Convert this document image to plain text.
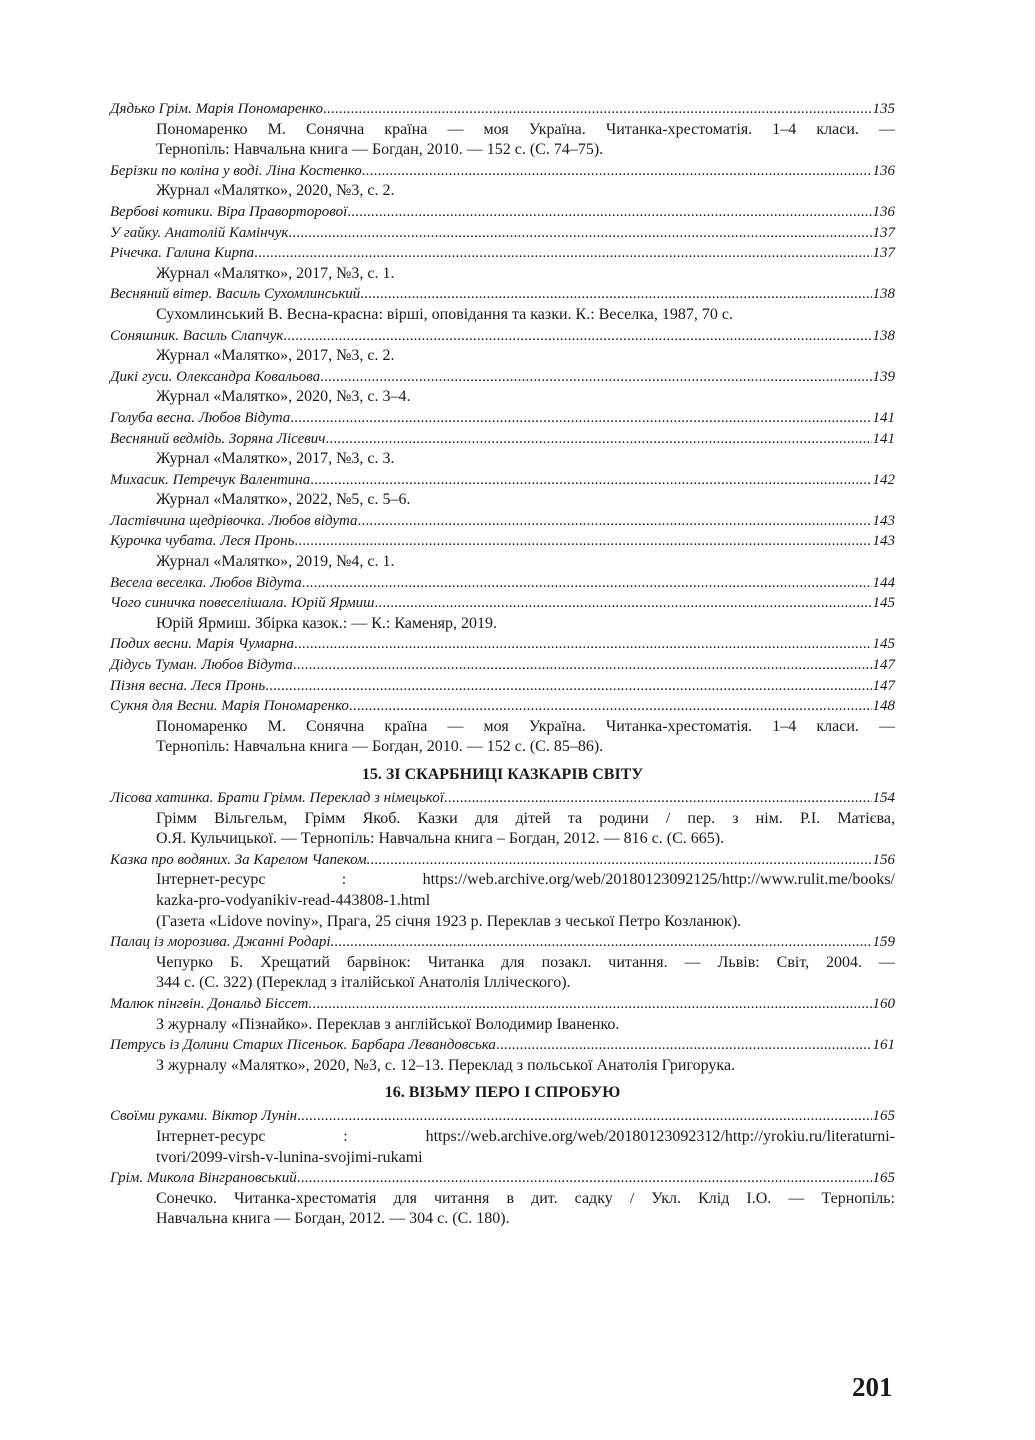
Дядько Грім. Марія Пономаренко .....	135
Пономаренко М. Сонячна країна — моя Україна. Читанка-хрестоматія. 1–4 класи. —
Тернопіль: Навчальна книга — Богдан, 2010. — 152 с. (С. 74–75).
Берізки по коліна у воді. Ліна Костенко .....	136
Журнал «Малятко», 2020, №3, с. 2.
Вербові котики. Віра Праворторової .....	136
У гайку. Анатолій Камінчук .....	137
Річечка. Галина Кирпа .....	137
Журнал «Малятко», 2017, №3, с. 1.
Весняний вітер. Василь Сухомлинський .....	138
Сухомлинський В. Весна-красна: вірші, оповідання та казки. К.: Веселка, 1987, 70 с.
Соняшник. Василь Слапчук .....	138
Журнал «Малятко», 2017, №3, с. 2.
Дикі гуси. Олександра Ковальова .....	139
Журнал «Малятко», 2020, №3, с. 3–4.
Голуба весна. Любов Відута .....	141
Весняний ведмідь. Зоряна Лісевич .....	141
Журнал «Малятко», 2017, №3, с. 3.
Михасик. Петречук Валентина .....	142
Журнал «Малятко», 2022, №5, с. 5–6.
Ластівчина щедрівочка. Любов відута .....	143
Курочка чубата. Леся Пронь .....	143
Журнал «Малятко», 2019, №4, с. 1.
Весела веселка. Любов Відута .....	144
Чого синичка повеселішала. Юрій Ярмиш .....	145
Юрій Ярмиш. Збірка казок.: — К.: Каменяр, 2019.
Подих весни. Марія Чумарна .....	145
Дідусь Туман. Любов Відута .....	147
Пізня весна. Леся Пронь .....	147
Сукня для Весни. Марія Пономаренко .....	148
Пономаренко М. Сонячна країна — моя Україна. Читанка-хрестоматія. 1–4 класи. —
Тернопіль: Навчальна книга — Богдан, 2010. — 152 с. (С. 85–86).
15. ЗІ СКАРБНИЦІ КАЗКАРІВ СВІТУ
Лісова хатинка. Брати Грімм. Переклад з німецької .....	154
Грімм Вільгельм, Грімм Якоб. Казки для дітей та родини / пер. з нім. Р.І. Матієва,
О.Я. Кульчицької. — Тернопіль: Навчальна книга – Богдан, 2012. — 816 с. (С. 665).
Казка про водяних. За Карелом Чапеком. .....	156
Інтернет-ресурс : https://web.archive.org/web/20180123092125/http://www.rulit.me/books/
kazka-pro-vodyanikiv-read-443808-1.html
(Газета «Lidove noviny», Прага, 25 січня 1923 р. Переклав з чеської Петро Козланюк).
Палац із морозива. Джанні Родарі. .....	159
Чепурко Б. Хрещатий барвінок: Читанка для позакл. читання. — Львів: Світ, 2004. —
344 с. (С. 322) (Переклад з італійської Анатолія Ілліческого).
Малюк пінгвін. Дональд Біссет. .....	160
З журналу «Пізнайко». Переклав з англійської Володимир Іваненко.
Петрусь із Долини Старих Пісеньок. Барбара Левандовська .....	161
З журналу «Малятко», 2020, №3, с. 12–13. Переклад з польської Анатолія Григорука.
16. ВІЗЬМУ ПЕРО І СПРОБУЮ
Своїми руками. Віктор Лунін .....	165
Інтернет-ресурс : https://web.archive.org/web/20180123092312/http://yrokiu.ru/literaturni-
tvori/2099-virsh-v-lunina-svojimi-rukami
Грім. Микола Вінграновський .....	165
Сонечко. Читанка-хрестоматія для читання в дит. садку / Укл. Клід І.О. — Тернопіль:
Навчальна книга — Богдан, 2012. — 304 с. (С. 180).
201
